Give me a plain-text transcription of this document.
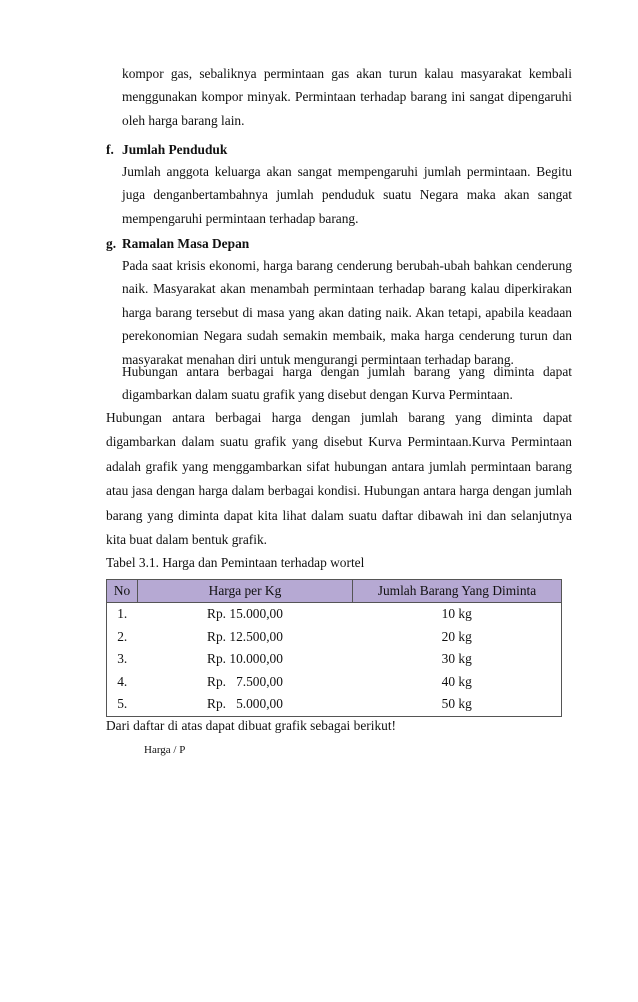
kompor gas, sebaliknya permintaan gas akan turun kalau masyarakat kembali menggunakan kompor minyak. Permintaan terhadap barang ini sangat dipengaruhi oleh harga barang lain.

f. Jumlah Penduduk

Jumlah anggota keluarga akan sangat mempengaruhi jumlah permintaan. Begitu juga denganbertambahnya jumlah penduduk suatu Negara maka akan sangat mempengaruhi permintaan terhadap barang.

g. Ramalan Masa Depan

Pada saat krisis ekonomi, harga barang cenderung berubah-ubah bahkan cenderung naik. Masyarakat akan menambah permintaan terhadap barang kalau diperkirakan harga barang tersebut di masa yang akan dating naik. Akan tetapi, apabila keadaan perekonomian Negara sudah semakin membaik, maka harga cenderung turun dan masyarakat menahan diri untuk mengurangi permintaan terhadap barang.

Hubungan antara berbagai harga dengan jumlah barang yang diminta dapat digambarkan dalam suatu grafik yang disebut dengan Kurva Permintaan.

Hubungan antara berbagai harga dengan jumlah barang yang diminta dapat digambarkan dalam suatu grafik yang disebut Kurva Permintaan.Kurva Permintaan adalah grafik yang menggambarkan sifat hubungan antara jumlah permintaan barang atau jasa dengan harga dalam berbagai kondisi. Hubungan antara harga dengan jumlah barang yang diminta dapat kita lihat dalam suatu daftar dibawah ini dan selanjutnya kita buat dalam bentuk grafik.

Tabel 3.1. Harga dan Pemintaan terhadap wortel

No	Harga per Kg	Jumlah Barang Yang Diminta
1.	Rp. 15.000,00	10 kg
2.	Rp. 12.500,00	20 kg
3.	Rp. 10.000,00	30 kg
4.	Rp.   7.500,00	40 kg
5.	Rp.   5.000,00	50 kg

Dari daftar di atas dapat dibuat grafik sebagai berikut!

Harga / P
